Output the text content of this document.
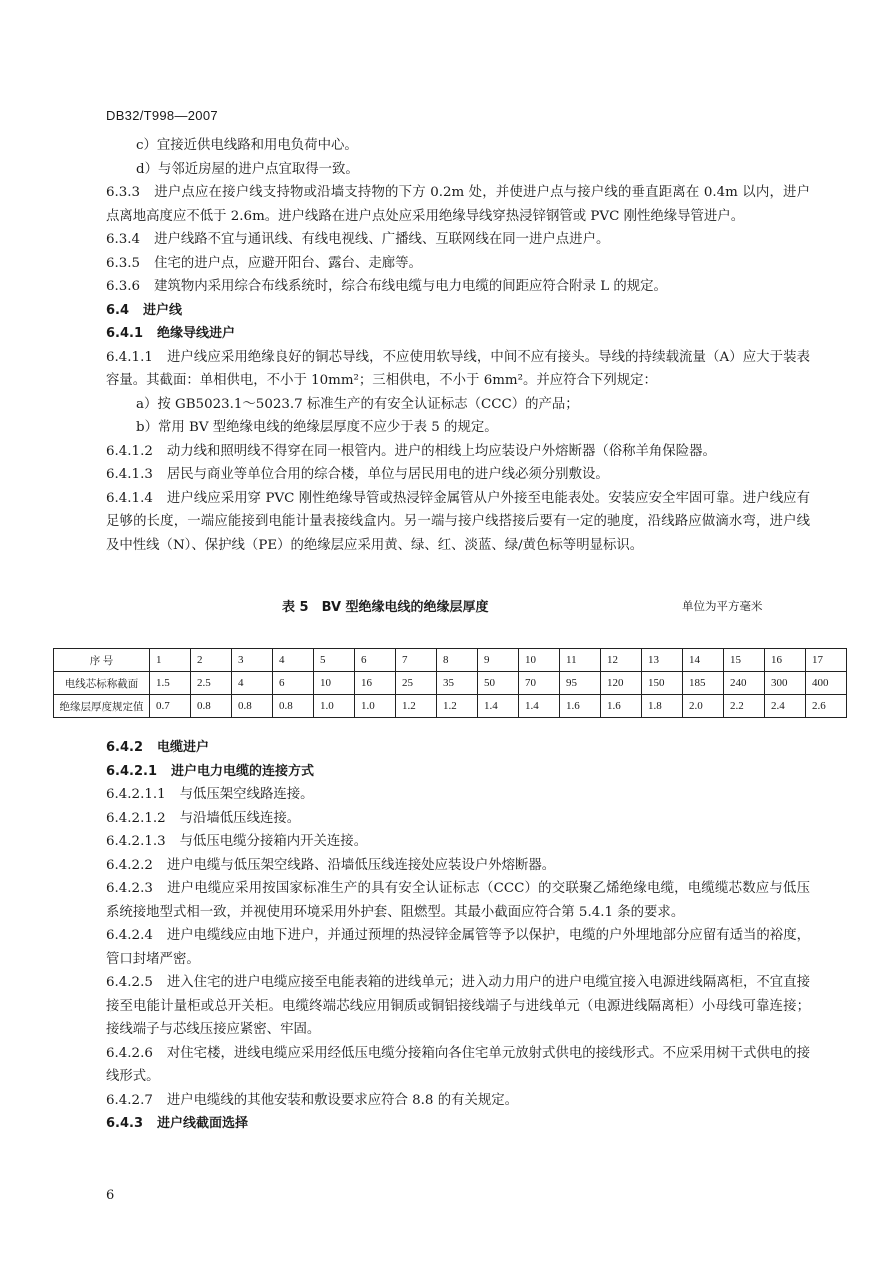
DB32/T998—2007

c）宜接近供电线路和用电负荷中心。

d）与邻近房屋的进户点宜取得一致。

6.3.3 进户点应在接户线支持物或沿墙支持物的下方 0.2m 处，并使进户点与接户线的垂直距离在 0.4m 以内，进户点离地高度应不低于 2.6m。进户线路在进户点处应采用绝缘导线穿热浸锌钢管或 PVC 刚性绝缘导管进户。

6.3.4 进户线路不宜与通讯线、有线电视线、广播线、互联网线在同一进户点进户。

6.3.5 住宅的进户点，应避开阳台、露台、走廊等。

6.3.6 建筑物内采用综合布线系统时，综合布线电缆与电力电缆的间距应符合附录 L 的规定。

6.4 进户线

6.4.1 绝缘导线进户

6.4.1.1 进户线应采用绝缘良好的铜芯导线，不应使用软导线，中间不应有接头。导线的持续载流量（A）应大于装表容量。其截面：单相供电，不小于 10mm²；三相供电，不小于 6mm²。并应符合下列规定：

a）按 GB5023.1～5023.7 标准生产的有安全认证标志（CCC）的产品；

b）常用 BV 型绝缘电线的绝缘层厚度不应少于表 5 的规定。

6.4.1.2 动力线和照明线不得穿在同一根管内。进户的相线上均应装设户外熔断器（俗称羊角保险器。

6.4.1.3 居民与商业等单位合用的综合楼，单位与居民用电的进户线必须分别敷设。

6.4.1.4 进户线应采用穿 PVC 刚性绝缘导管或热浸锌金属管从户外接至电能表处。安装应安全牢固可靠。进户线应有足够的长度，一端应能接到电能计量表接线盒内。另一端与接户线搭接后要有一定的驰度，沿线路应做滴水弯，进户线及中性线（N）、保护线（PE）的绝缘层应采用黄、绿、红、淡蓝、绿/黄色标等明显标识。

表 5　BV 型绝缘电线的绝缘层厚度	单位为平方毫米
序 号	1	2	3	4	5	6	7	8	9	10	11	12	13	14	15	16	17
电线芯标称截面	1.5	2.5	4	6	10	16	25	35	50	70	95	120	150	185	240	300	400
绝缘层厚度规定值	0.7	0.8	0.8	0.8	1.0	1.0	1.2	1.2	1.4	1.4	1.6	1.6	1.8	2.0	2.2	2.4	2.6

6.4.2 电缆进户

6.4.2.1 进户电力电缆的连接方式

6.4.2.1.1 与低压架空线路连接。

6.4.2.1.2 与沿墙低压线连接。

6.4.2.1.3 与低压电缆分接箱内开关连接。

6.4.2.2 进户电缆与低压架空线路、沿墙低压线连接处应装设户外熔断器。

6.4.2.3 进户电缆应采用按国家标准生产的具有安全认证标志（CCC）的交联聚乙烯绝缘电缆，电缆缆芯数应与低压系统接地型式相一致，并视使用环境采用外护套、阻燃型。其最小截面应符合第 5.4.1 条的要求。

6.4.2.4 进户电缆线应由地下进户，并通过预埋的热浸锌金属管等予以保护，电缆的户外埋地部分应留有适当的裕度，管口封堵严密。

6.4.2.5 进入住宅的进户电缆应接至电能表箱的进线单元；进入动力用户的进户电缆宜接入电源进线隔离柜，不宜直接接至电能计量柜或总开关柜。电缆终端芯线应用铜质或铜铝接线端子与进线单元（电源进线隔离柜）小母线可靠连接；接线端子与芯线压接应紧密、牢固。

6.4.2.6 对住宅楼，进线电缆应采用经低压电缆分接箱向各住宅单元放射式供电的接线形式。不应采用树干式供电的接线形式。

6.4.2.7 进户电缆线的其他安装和敷设要求应符合 8.8 的有关规定。

6.4.3 进户线截面选择

6
